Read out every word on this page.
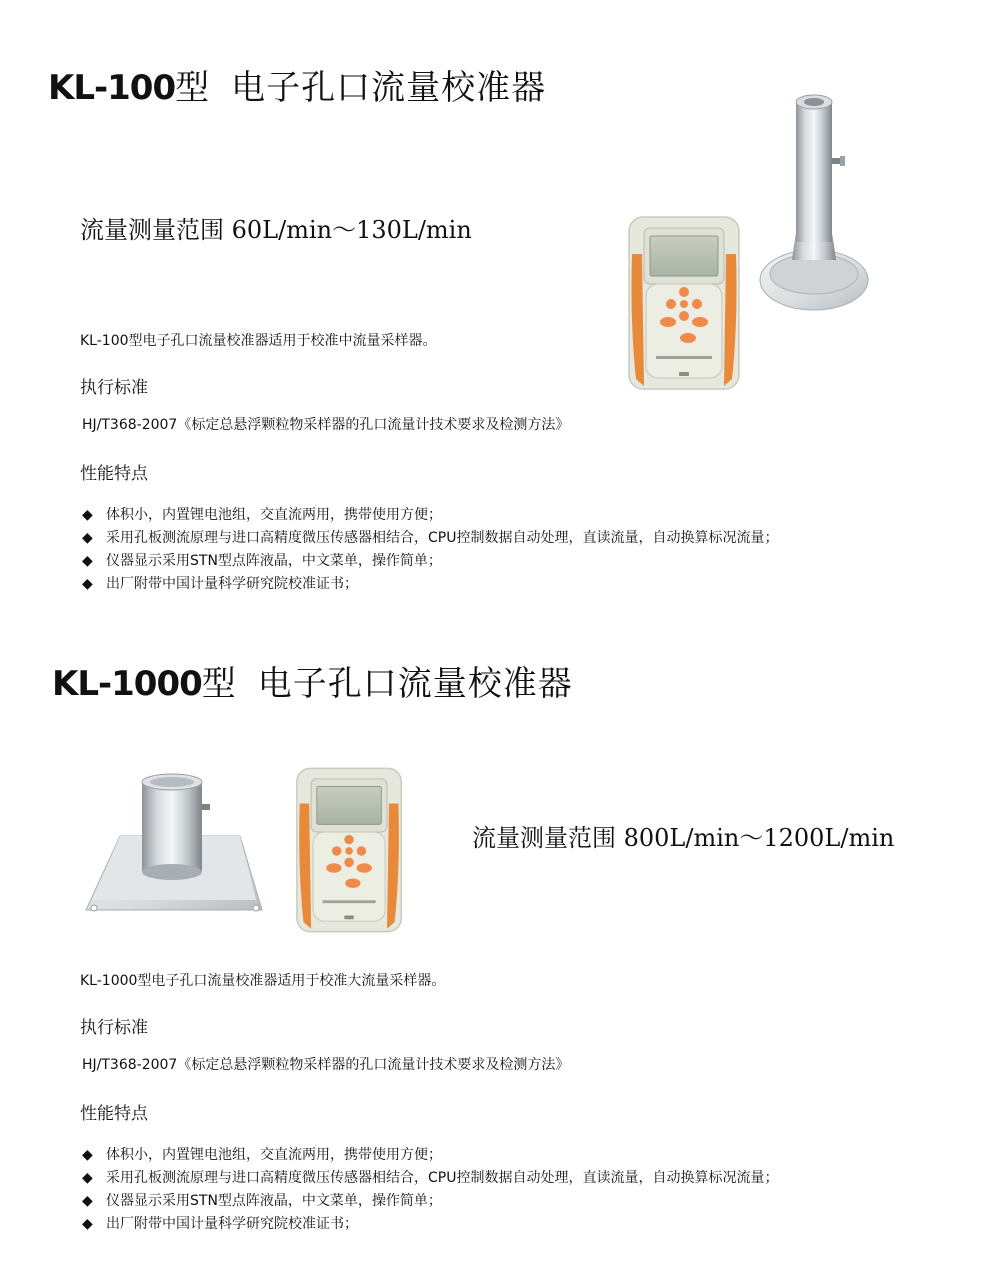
KL-100型 电子孔口流量校准器
流量测量范围 60L/min～130L/min
KL-100型电子孔口流量校准器适用于校准中流量采样器。
执行标准
HJ/T368-2007《标定总悬浮颗粒物采样器的孔口流量计技术要求及检测方法》
性能特点
◆ 体积小，内置锂电池组，交直流两用，携带使用方便；
◆ 采用孔板测流原理与进口高精度微压传感器相结合，CPU控制数据自动处理，直读流量，自动换算标况流量；
◆ 仪器显示采用STN型点阵液晶，中文菜单，操作简单；
◆ 出厂附带中国计量科学研究院校准证书；
KL-1000型 电子孔口流量校准器
流量测量范围 800L/min～1200L/min
KL-1000型电子孔口流量校准器适用于校准大流量采样器。
执行标准
HJ/T368-2007《标定总悬浮颗粒物采样器的孔口流量计技术要求及检测方法》
性能特点
◆ 体积小，内置锂电池组，交直流两用，携带使用方便；
◆ 采用孔板测流原理与进口高精度微压传感器相结合，CPU控制数据自动处理，直读流量，自动换算标况流量；
◆ 仪器显示采用STN型点阵液晶，中文菜单，操作简单；
◆ 出厂附带中国计量科学研究院校准证书；
